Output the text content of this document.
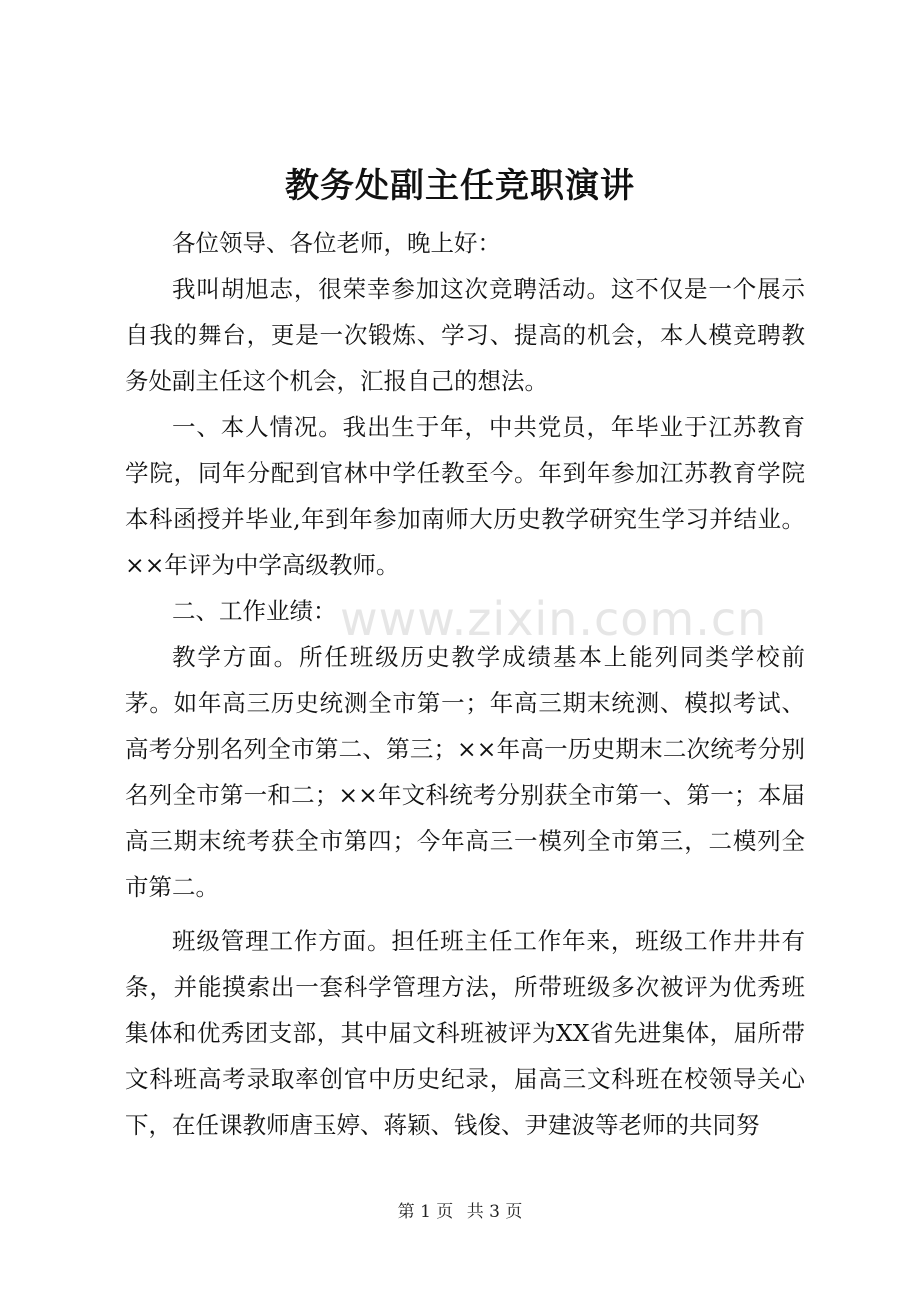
www.zixin.com.cn
教务处副主任竞职演讲

各位领导、各位老师，晚上好：

我叫胡旭志，很荣幸参加这次竞聘活动。这不仅是一个展示自我的舞台，更是一次锻炼、学习、提高的机会，本人模竞聘教务处副主任这个机会，汇报自己的想法。

一、本人情况。我出生于年，中共党员，年毕业于江苏教育学院，同年分配到官林中学任教至今。年到年参加江苏教育学院本科函授并毕业,年到年参加南师大历史教学研究生学习并结业。××年评为中学高级教师。

二、工作业绩：

教学方面。所任班级历史教学成绩基本上能列同类学校前茅。如年高三历史统测全市第一；年高三期末统测、模拟考试、高考分别名列全市第二、第三；××年高一历史期末二次统考分别名列全市第一和二；××年文科统考分别获全市第一、第一；本届高三期末统考获全市第四；今年高三一模列全市第三，二模列全市第二。

班级管理工作方面。担任班主任工作年来，班级工作井井有条，并能摸索出一套科学管理方法，所带班级多次被评为优秀班集体和优秀团支部，其中届文科班被评为XX省先进集体，届所带文科班高考录取率创官中历史纪录，届高三文科班在校领导关心下，在任课教师唐玉婷、蒋颖、钱俊、尹建波等老师的共同努

第 1 页 共 3 页
